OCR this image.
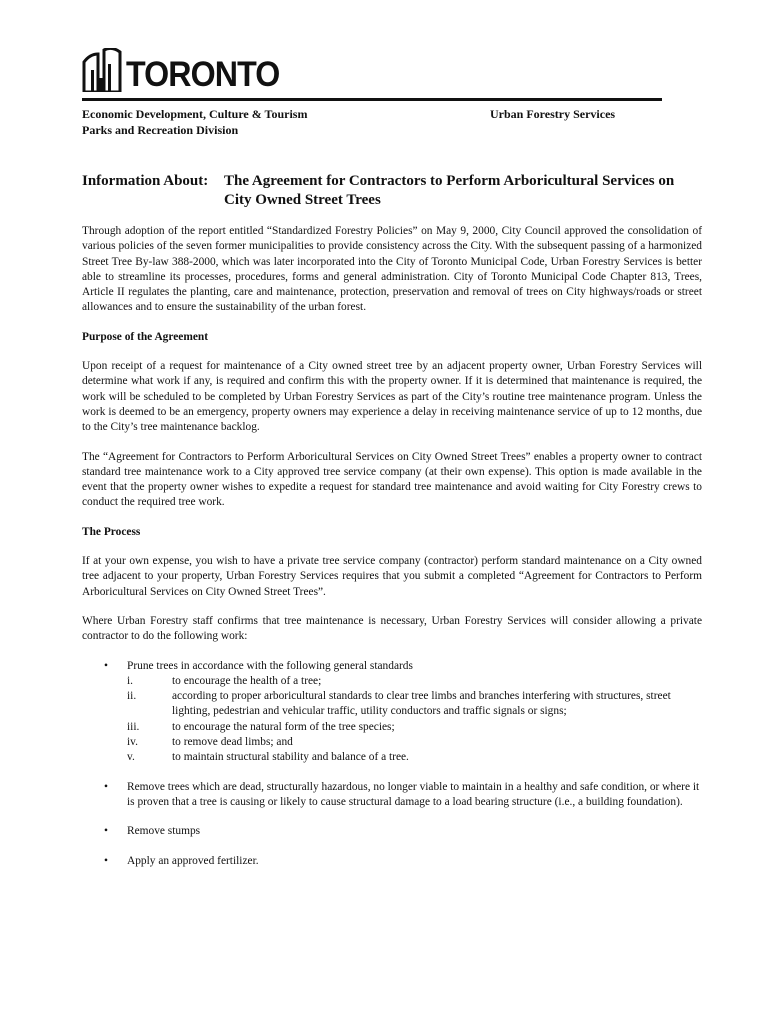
TORONTO
Economic Development, Culture & Tourism
Parks and Recreation Division
Urban Forestry Services
Information About: The Agreement for Contractors to Perform Arboricultural Services on City Owned Street Trees

Through adoption of the report entitled “Standardized Forestry Policies” on May 9, 2000, City Council approved the consolidation of various policies of the seven former municipalities to provide consistency across the City. With the subsequent passing of a harmonized Street Tree By-law 388-2000, which was later incorporated into the City of Toronto Municipal Code, Urban Forestry Services is better able to streamline its processes, procedures, forms and general administration. City of Toronto Municipal Code Chapter 813, Trees, Article II regulates the planting, care and maintenance, protection, preservation and removal of trees on City highways/roads or street allowances and to ensure the sustainability of the urban forest.

Purpose of the Agreement

Upon receipt of a request for maintenance of a City owned street tree by an adjacent property owner, Urban Forestry Services will determine what work if any, is required and confirm this with the property owner. If it is determined that maintenance is required, the work will be scheduled to be completed by Urban Forestry Services as part of the City’s routine tree maintenance program. Unless the work is deemed to be an emergency, property owners may experience a delay in receiving maintenance service of up to 12 months, due to the City’s tree maintenance backlog.

The “Agreement for Contractors to Perform Arboricultural Services on City Owned Street Trees” enables a property owner to contract standard tree maintenance work to a City approved tree service company (at their own expense). This option is made available in the event that the property owner wishes to expedite a request for standard tree maintenance and avoid waiting for City Forestry crews to conduct the required tree work.

The Process

If at your own expense, you wish to have a private tree service company (contractor) perform standard maintenance on a City owned tree adjacent to your property, Urban Forestry Services requires that you submit a completed “Agreement for Contractors to Perform Arboricultural Services on City Owned Street Trees”.

Where Urban Forestry staff confirms that tree maintenance is necessary, Urban Forestry Services will consider allowing a private contractor to do the following work:

• Prune trees in accordance with the following general standards
i.	to encourage the health of a tree;
ii.	according to proper arboricultural standards to clear tree limbs and branches interfering with structures, street lighting, pedestrian and vehicular traffic, utility conductors and traffic signals or signs;
iii.	to encourage the natural form of the tree species;
iv.	to remove dead limbs; and
v.	to maintain structural stability and balance of a tree.
• Remove trees which are dead, structurally hazardous, no longer viable to maintain in a healthy and safe condition, or where it is proven that a tree is causing or likely to cause structural damage to a load bearing structure (i.e., a building foundation).
• Remove stumps
• Apply an approved fertilizer.
